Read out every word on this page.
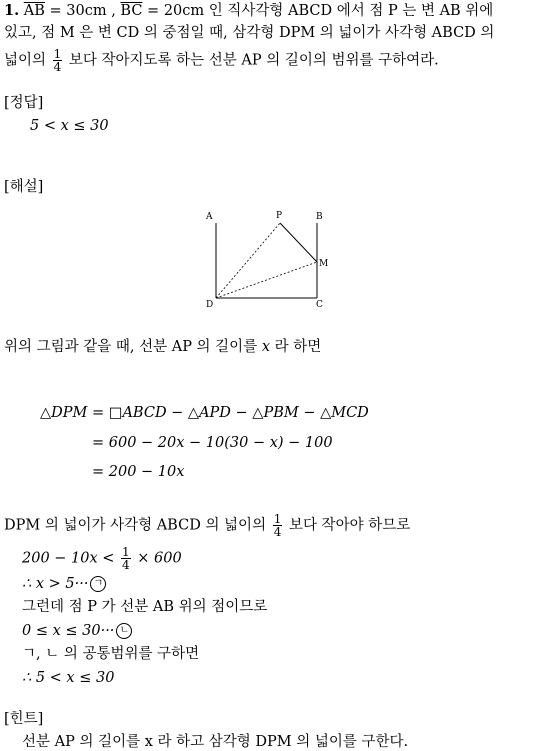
1. $\overline{AB} = 30cm$ , $\overline{BC} = 20cm$ 인 직사각형 ABCD 에서 점 P 는 변 AB 위에
있고, 점 M 은 변 CD 의 중점일 때, 삼각형 DPM 의 넓이가 사각형 ABCD 의
넓이의 $\frac{1}{4}$ 보다 작아지도록 하는 선분 AP 의 길이의 범위를 구하여라.
[정답]
5 < x ≤ 30
[해설]
A	P	B
M
D	C
위의 그림과 같을 때, 선분 AP 의 길이를 x 라 하면
△DPM = □ABCD − △APD − △PBM − △MCD
= 600 − 20x − 10(30 − x) − 100
= 200 − 10x
DPM 의 넓이가 사각형 ABCD 의 넓이의 $\frac{1}{4}$ 보다 작아야 하므로
$200 - 10x < \frac{1}{4} \times 600$
∴ x > 5··· ㄱ
그런데 점 P 가 선분 AB 위의 점이므로
0 ≤ x ≤ 30··· ㄴ
ㄱ, ㄴ 의 공통범위를 구하면
∴ 5 < x ≤ 30
[힌트]
선분 AP 의 길이를 x 라 하고 삼각형 DPM 의 넓이를 구한다.
